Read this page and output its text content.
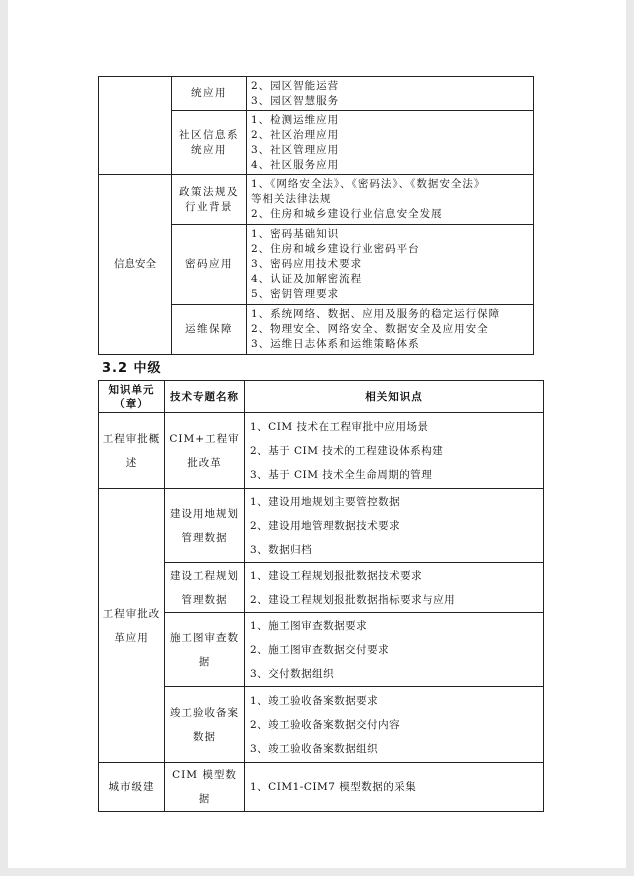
	统应用	2、园区智能运营
3、园区智慧服务

	社区信息系统应用	1、检测运维应用
2、社区治理应用
3、社区管理应用
4、社区服务应用

信息安全	政策法规及行业背景	1、《网络安全法》、《密码法》、《数据安全法》
等相关法律法规
2、住房和城乡建设行业信息安全发展

	密码应用	1、密码基础知识
2、住房和城乡建设行业密码平台
3、密码应用技术要求
4、认证及加解密流程
5、密钥管理要求

	运维保障	1、系统网络、数据、应用及服务的稳定运行保障
2、物理安全、网络安全、数据安全及应用安全
3、运维日志体系和运维策略体系
3.2 中级
知识单元（章）	技术专题名称	相关知识点
工程审批概述	CIM+工程审批改革	1、CIM 技术在工程审批中应用场景
2、基于 CIM 技术的工程建设体系构建
3、基于 CIM 技术全生命周期的管理

工程审批改革应用	建设用地规划管理数据	1、建设用地规划主要管控数据
2、建设用地管理数据技术要求
3、数据归档

	建设工程规划管理数据	1、建设工程规划报批数据技术要求
2、建设工程规划报批数据指标要求与应用

	施工图审查数据	1、施工图审查数据要求
2、施工图审查数据交付要求
3、交付数据组织

	竣工验收备案数据	1、竣工验收备案数据要求
2、竣工验收备案数据交付内容
3、竣工验收备案数据组织

城市级建	CIM 模型数据	1、CIM1-CIM7 模型数据的采集
